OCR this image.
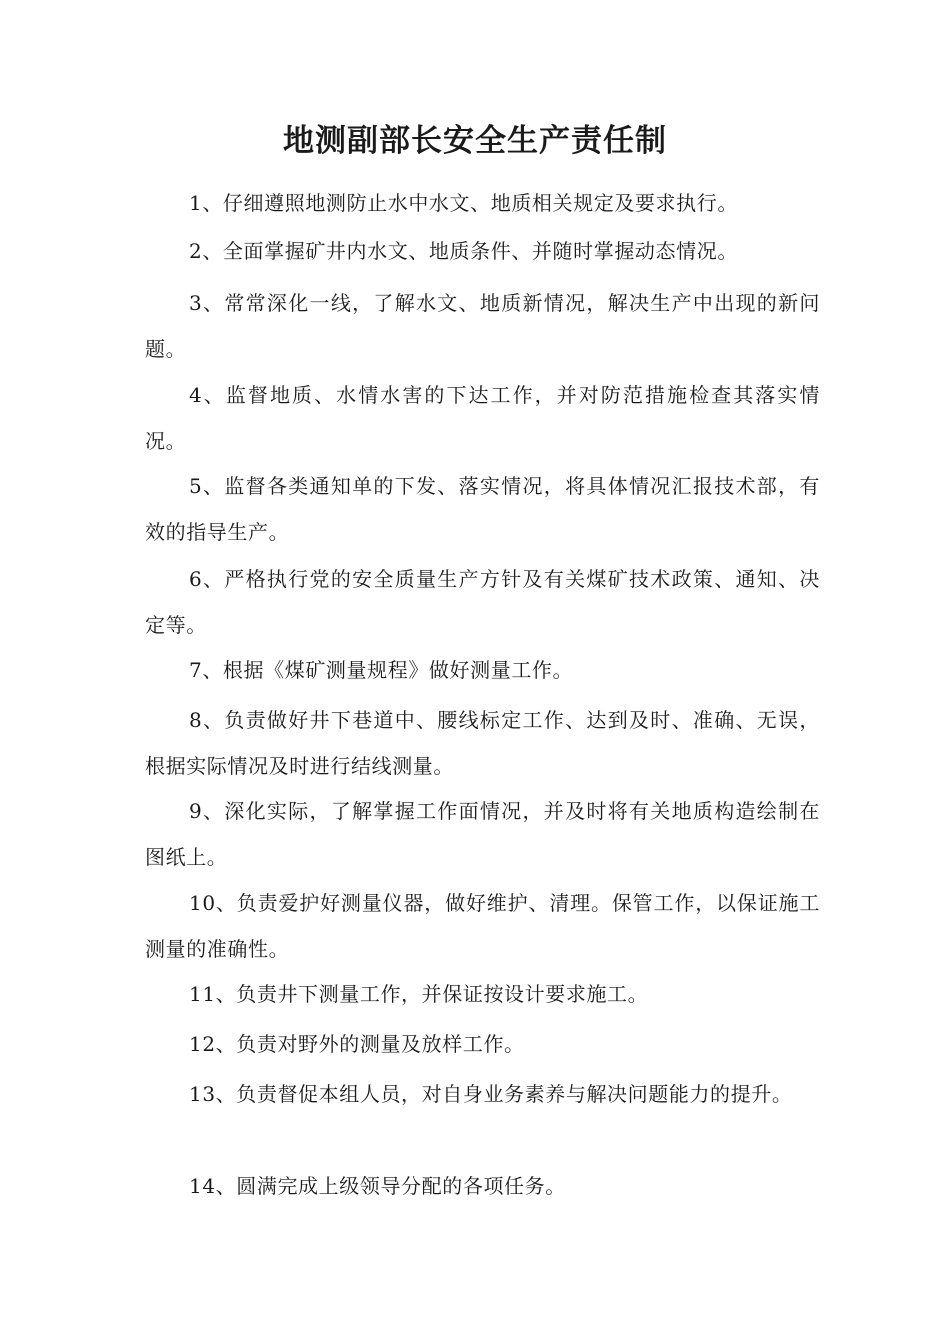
地测副部长安全生产责任制

1、仔细遵照地测防止水中水文、地质相关规定及要求执行。

2、全面掌握矿井内水文、地质条件、并随时掌握动态情况。

3、常常深化一线，了解水文、地质新情况，解决生产中出现的新问题。

4、监督地质、水情水害的下达工作，并对防范措施检查其落实情况。

5、监督各类通知单的下发、落实情况，将具体情况汇报技术部，有效的指导生产。

6、严格执行党的安全质量生产方针及有关煤矿技术政策、通知、决定等。

7、根据《煤矿测量规程》做好测量工作。

8、负责做好井下巷道中、腰线标定工作、达到及时、准确、无误，根据实际情况及时进行结线测量。

9、深化实际，了解掌握工作面情况，并及时将有关地质构造绘制在图纸上。

10、负责爱护好测量仪器，做好维护、清理。保管工作，以保证施工测量的准确性。

11、负责井下测量工作，并保证按设计要求施工。

12、负责对野外的测量及放样工作。

13、负责督促本组人员，对自身业务素养与解决问题能力的提升。

14、圆满完成上级领导分配的各项任务。
